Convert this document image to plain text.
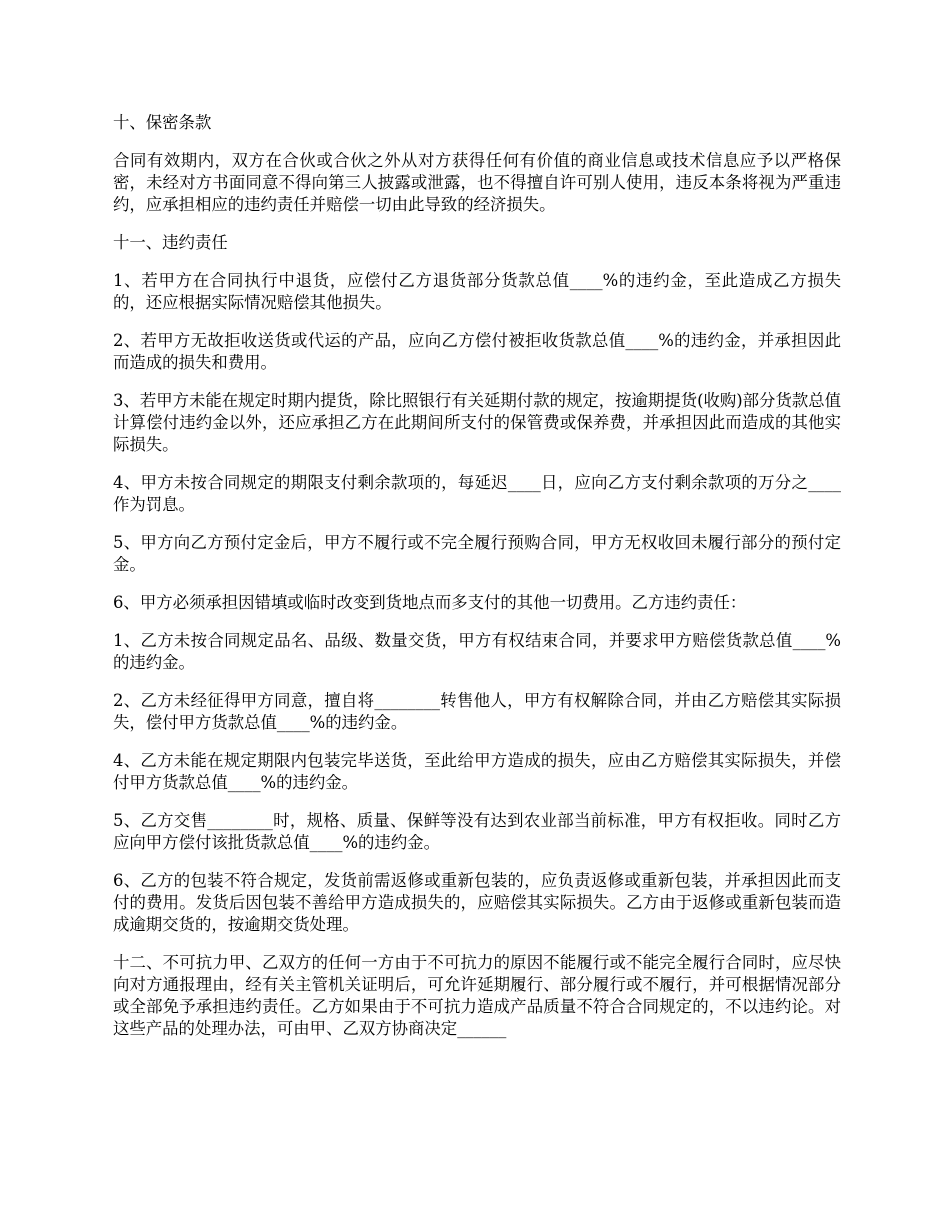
十、保密条款

合同有效期内，双方在合伙或合伙之外从对方获得任何有价值的商业信息或技术信息应予以严格保密，未经对方书面同意不得向第三人披露或泄露，也不得擅自许可别人使用，违反本条将视为严重违约，应承担相应的违约责任并赔偿一切由此导致的经济损失。

十一、违约责任

1、若甲方在合同执行中退货，应偿付乙方退货部分货款总值____%的违约金，至此造成乙方损失的，还应根据实际情况赔偿其他损失。

2、若甲方无故拒收送货或代运的产品，应向乙方偿付被拒收货款总值____%的违约金，并承担因此而造成的损失和费用。

3、若甲方未能在规定时期内提货，除比照银行有关延期付款的规定，按逾期提货(收购)部分货款总值计算偿付违约金以外，还应承担乙方在此期间所支付的保管费或保养费，并承担因此而造成的其他实际损失。

4、甲方未按合同规定的期限支付剩余款项的，每延迟____日，应向乙方支付剩余款项的万分之____作为罚息。

5、甲方向乙方预付定金后，甲方不履行或不完全履行预购合同，甲方无权收回未履行部分的预付定金。

6、甲方必须承担因错填或临时改变到货地点而多支付的其他一切费用。乙方违约责任：

1、乙方未按合同规定品名、品级、数量交货，甲方有权结束合同，并要求甲方赔偿货款总值____%的违约金。

2、乙方未经征得甲方同意，擅自将________转售他人，甲方有权解除合同，并由乙方赔偿其实际损失，偿付甲方货款总值____%的违约金。

4、乙方未能在规定期限内包装完毕送货，至此给甲方造成的损失，应由乙方赔偿其实际损失，并偿付甲方货款总值____%的违约金。

5、乙方交售________时，规格、质量、保鲜等没有达到农业部当前标准，甲方有权拒收。同时乙方应向甲方偿付该批货款总值____%的违约金。

6、乙方的包装不符合规定，发货前需返修或重新包装的，应负责返修或重新包装，并承担因此而支付的费用。发货后因包装不善给甲方造成损失的，应赔偿其实际损失。乙方由于返修或重新包装而造成逾期交货的，按逾期交货处理。

十二、不可抗力甲、乙双方的任何一方由于不可抗力的原因不能履行或不能完全履行合同时，应尽快向对方通报理由，经有关主管机关证明后，可允许延期履行、部分履行或不履行，并可根据情况部分或全部免予承担违约责任。乙方如果由于不可抗力造成产品质量不符合合同规定的，不以违约论。对这些产品的处理办法，可由甲、乙双方协商决定______
